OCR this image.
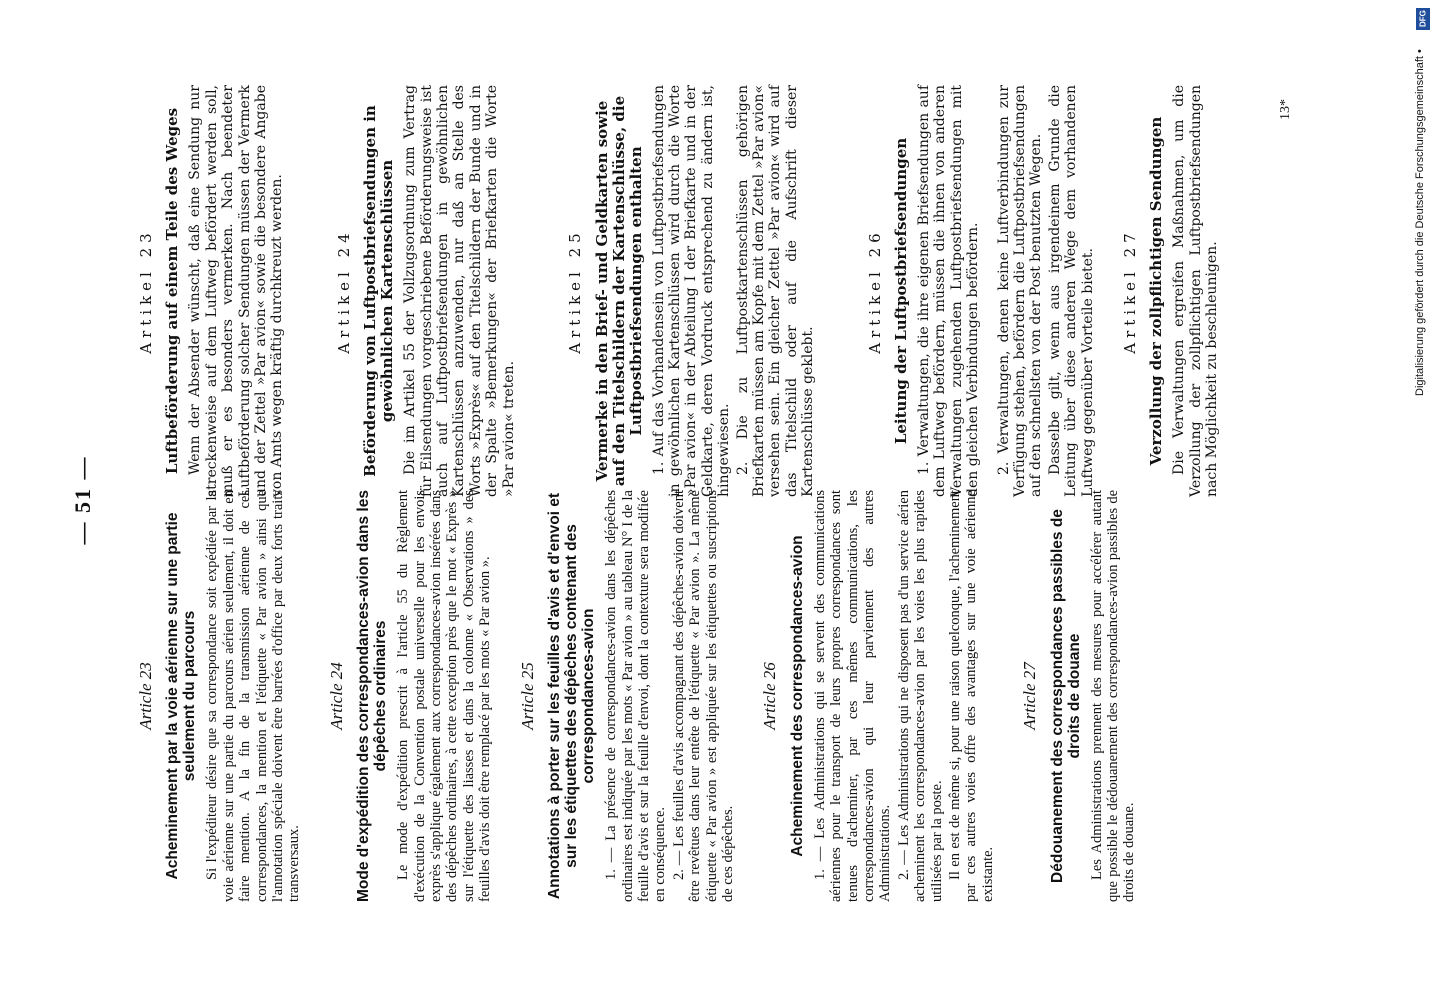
— 51 —
Article 23 Acheminement par la voie aérienne sur une partie seulement du parcours Si l'expéditeur désire que sa correspondance soit expédiée par la voie aérienne sur une partie du parcours aérien seulement, il doit en faire mention. A la fin de la transmission aérienne de ces correspondances, la mention et l'étiquette « Par avion » ainsi que l'annotation spéciale doivent être barrées d'office par deux forts traits transversaux.

Article 24 Mode d'expédition des correspondances-avion dans les dépêches ordinaires Le mode d'expédition prescrit à l'article 55 du Règlement d'exécution de la Convention postale universelle pour les envois exprès s'applique également aux correspondances-avion insérées dans des dépêches ordinaires, à cette exception près que le mot « Exprès » sur l'étiquette des liasses et dans la colonne « Observations » des feuilles d'avis doit être remplacé par les mots « Par avion ». Article 25 Annotations à porter sur les feuilles d'avis et d'envoi et sur les étiquettes des dépêches contenant des correspondances-avion 1. — La présence de correspondances-avion dans les dépêches ordinaires est indiquée par les mots « Par avion » au tableau N° I de la feuille d'avis et sur la feuille d'envoi, dont la contexture sera modifiée en conséquence. 2. — Les feuilles d'avis accompagnant des dépêches-avion doivent être revêtues dans leur entête de l'étiquette « Par avion ». La même étiquette « Par avion » est appliquée sur les étiquettes ou suscriptions de ces dépêches.

Article 26 Acheminement des correspondances-avion 1. — Les Administrations qui se servent des communications aériennes pour le transport de leurs propres correspondances sont tenues d'acheminer, par ces mêmes communications, les correspondances-avion qui leur parviennent des autres Administrations. 2. — Les Administrations qui ne disposent pas d'un service aérien acheminent les correspondances-avion par les voies les plus rapides utilisées par la poste. Il en est de même si, pour une raison quelconque, l'acheminement par ces autres voies offre des avantages sur une voie aérienne existante.

Article 27 Dédouanement des correspondances passibles de droits de douane Les Administrations prennent des mesures pour accélérer autant que possible le dédouanement des correspondances-avion passibles de droits de douane.

Artikel 23 Luftbeförderung auf einem Teile des Weges Wenn der Absender wünscht, daß eine Sendung nur streckenweise auf dem Luftweg befördert werden soll, muß er es besonders vermerken. Nach beendeter Luftbeförderung solcher Sendungen müssen der Vermerk und der Zettel »Par avion« sowie die besondere Angabe von Amts wegen kräftig durchkreuzt werden.	Artikel 24 Beförderung von Luftpostbriefsendungen in gewöhnlichen Kartenschlüssen Die im Artikel 55 der Vollzugsordnung zum Vertrag für Eilsendungen vorgeschriebene Beförderungsweise ist auch auf Luftpostbriefsendungen in gewöhnlichen Kartenschlüssen anzuwenden, nur daß an Stelle des Worts »Exprès« auf den Titelschildern der Bunde und in der Spalte »Bemerkungen« der Briefkarten die Worte »Par avion« treten.

Artikel 25 Vermerke in den Brief- und Geldkarten sowie auf den Titelschildern der Kartenschlüsse, die Luftpostbriefsendungen enthalten 1. Auf das Vorhandensein von Luftpostbriefsendungen in gewöhnlichen Kartenschlüssen wird durch die Worte »Par avion« in der Abteilung I der Briefkarte und in der Geldkarte, deren Vordruck entsprechend zu ändern ist, hingewiesen. 2. Die zu Luftpostkartenschlüssen gehörigen Briefkarten müssen am Kopfe mit dem Zettel »Par avion« versehen sein. Ein gleicher Zettel »Par avion« wird auf das Titelschild oder auf die Aufschrift dieser Kartenschlüsse geklebt.

Artikel 26 Leitung der Luftpostbriefsendungen 1. Verwaltungen, die ihre eigenen Briefsendungen auf dem Luftweg befördern, müssen die ihnen von anderen Verwaltungen zugehenden Luftpostbriefsendungen mit den gleichen Verbindungen befördern. 2. Verwaltungen, denen keine Luftverbindungen zur Verfügung stehen, befördern die Luftpostbriefsendungen auf den schnellsten von der Post benutzten Wegen. Dasselbe gilt, wenn aus irgendeinem Grunde die Leitung über diese anderen Wege dem vorhandenen Luftweg gegenüber Vorteile bietet. Artikel 27 Verzollung der zollpflichtigen Sendungen Die Verwaltungen ergreifen Maßnahmen, um die Verzollung der zollpflichtigen Luftpostbriefsendungen nach Möglichkeit zu beschleunigen.

13*
DFG
Digitalisierung gefördert durch die Deutsche Forschungsgemeinschaft •
